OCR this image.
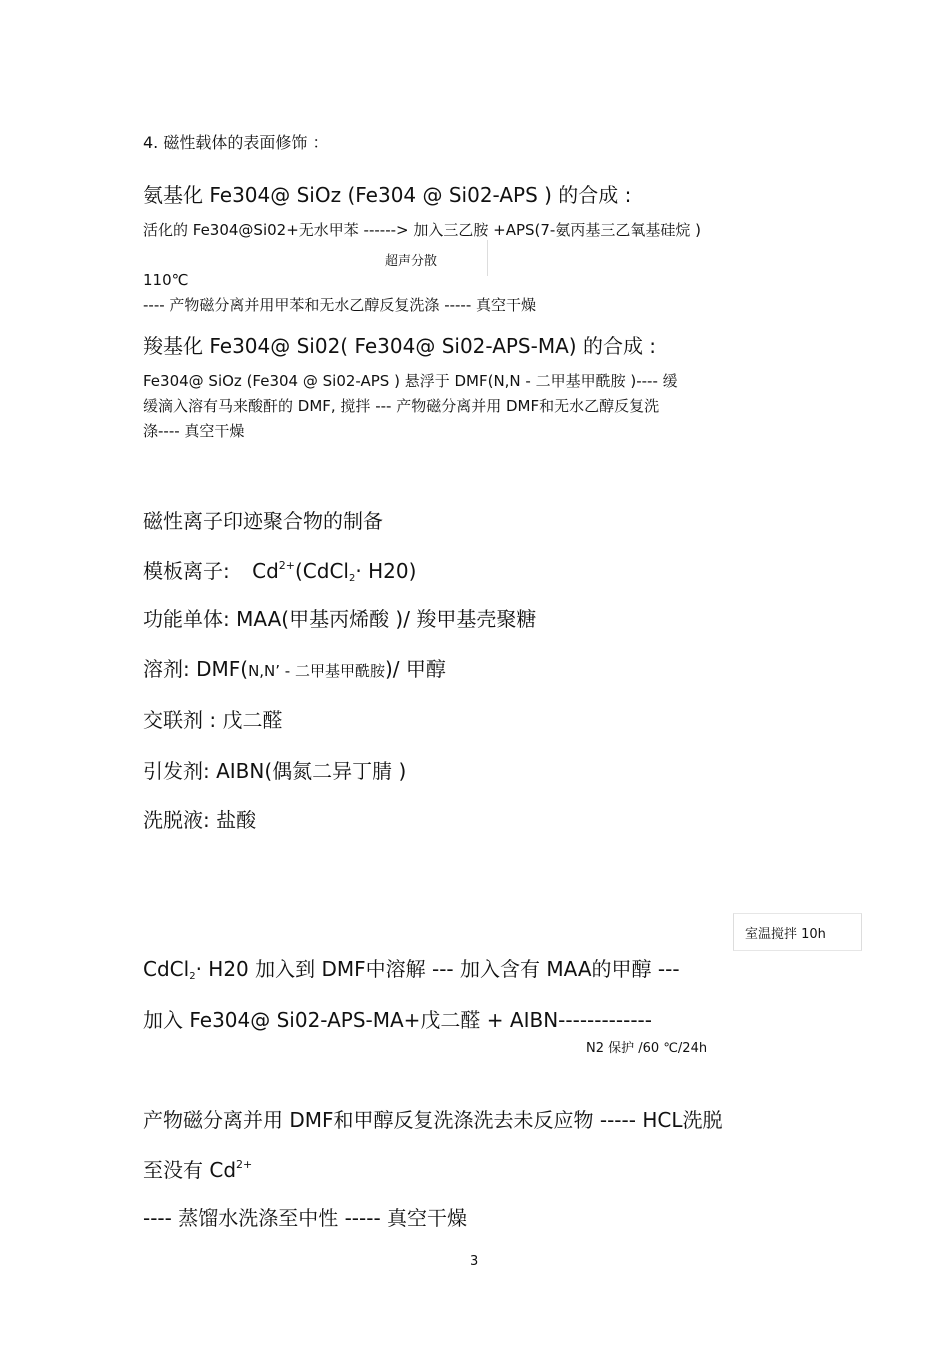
4. 磁性载体的表面修饰 ：
氨基化 Fe304@ SiOz (Fe304 @ Si02-APS ) 的合成 :
活化的 Fe304@Si02+无水甲苯 ------> 加入三乙胺 +APS(7-氨丙基三乙氧基硅烷 )
超声分散
110℃
---- 产物磁分离并用甲苯和无水乙醇反复洗涤 ----- 真空干燥
羧基化 Fe304@ Si02( Fe304@ Si02-APS-MA) 的合成 :
Fe304@ SiOz (Fe304 @ Si02-APS ) 悬浮于 DMF(N,N - 二甲基甲酰胺 )---- 缓
缓滴入溶有马来酸酐的 DMF, 搅拌 --- 产物磁分离并用 DMF和无水乙醇反复洗
涤---- 真空干燥
磁性离子印迹聚合物的制备
模板离子: $Cd^{2+}(CdCl2\cdot H20)$
功能单体: MAA(甲基丙烯酸 )/ 羧甲基壳聚糖
溶剂: DMF(N,N’ - 二甲基甲酰胺)/ 甲醇
交联剂 : 戊二醛
引发剂: AIBN(偶氮二异丁腈 )
洗脱液: 盐酸
室温搅拌 10h
CdCl2· H20 加入到 DMF中溶解 --- 加入含有 MAA的甲醇 ---
加入 Fe304@ Si02-APS-MA+戊二醛 + AIBN-------------
N2 保护 /60 ℃/24h
产物磁分离并用 DMF和甲醇反复洗涤洗去未反应物 ----- HCL洗脱
至没有 $Cd^{2+}$
---- 蒸馏水洗涤至中性 ----- 真空干燥
3
